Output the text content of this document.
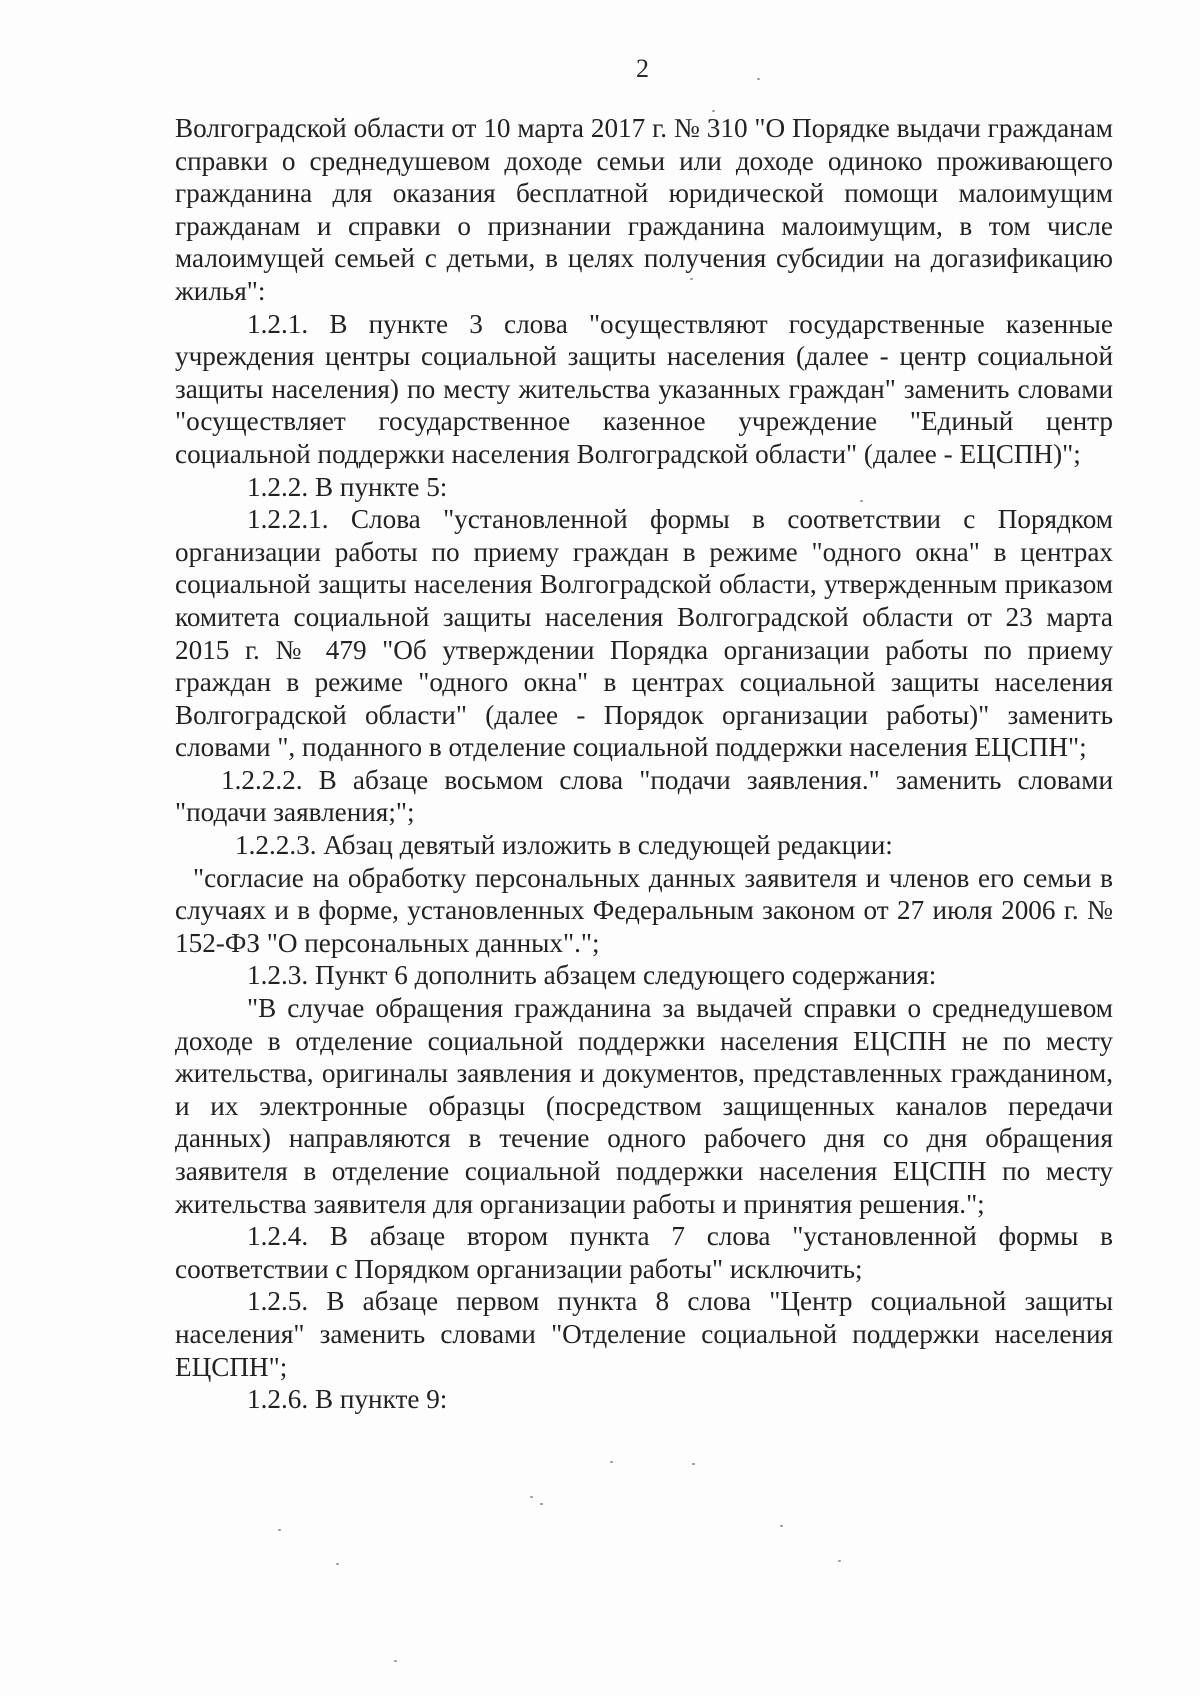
2

Волгоградской области от 10 марта 2017 г. № 310 "О Порядке выдачи гражданам справки о среднедушевом доходе семьи или доходе одиноко проживающего гражданина для оказания бесплатной юридической помощи малоимущим гражданам и справки о признании гражданина малоимущим, в том числе малоимущей семьей с детьми, в целях получения субсидии на догазификацию жилья":

1.2.1. В пункте 3 слова "осуществляют государственные казенные учреждения центры социальной защиты населения (далее - центр социальной защиты населения) по месту жительства указанных граждан" заменить словами "осуществляет государственное казенное учреждение "Единый центр социальной поддержки населения Волгоградской области" (далее - ЕЦСПН)";

1.2.2. В пункте 5:

1.2.2.1. Слова "установленной формы в соответствии с Порядком организации работы по приему граждан в режиме "одного окна" в центрах социальной защиты населения Волгоградской области, утвержденным приказом комитета социальной защиты населения Волгоградской области от 23 марта 2015 г. № 479 "Об утверждении Порядка организации работы по приему граждан в режиме "одного окна" в центрах социальной защиты населения Волгоградской области" (далее - Порядок организации работы)" заменить словами ", поданного в отделение социальной поддержки населения ЕЦСПН";

1.2.2.2. В абзаце восьмом слова "подачи заявления." заменить словами "подачи заявления;";

1.2.2.3. Абзац девятый изложить в следующей редакции:

"согласие на обработку персональных данных заявителя и членов его семьи в случаях и в форме, установленных Федеральным законом от 27 июля 2006 г. № 152-ФЗ "О персональных данных".";

1.2.3. Пункт 6 дополнить абзацем следующего содержания:

"В случае обращения гражданина за выдачей справки о среднедушевом доходе в отделение социальной поддержки населения ЕЦСПН не по месту жительства, оригиналы заявления и документов, представленных гражданином, и их электронные образцы (посредством защищенных каналов передачи данных) направляются в течение одного рабочего дня со дня обращения заявителя в отделение социальной поддержки населения ЕЦСПН по месту жительства заявителя для организации работы и принятия решения.";

1.2.4. В абзаце втором пункта 7 слова "установленной формы в соответствии с Порядком организации работы" исключить;

1.2.5. В абзаце первом пункта 8 слова "Центр социальной защиты населения" заменить словами "Отделение социальной поддержки населения ЕЦСПН";

1.2.6. В пункте 9:
